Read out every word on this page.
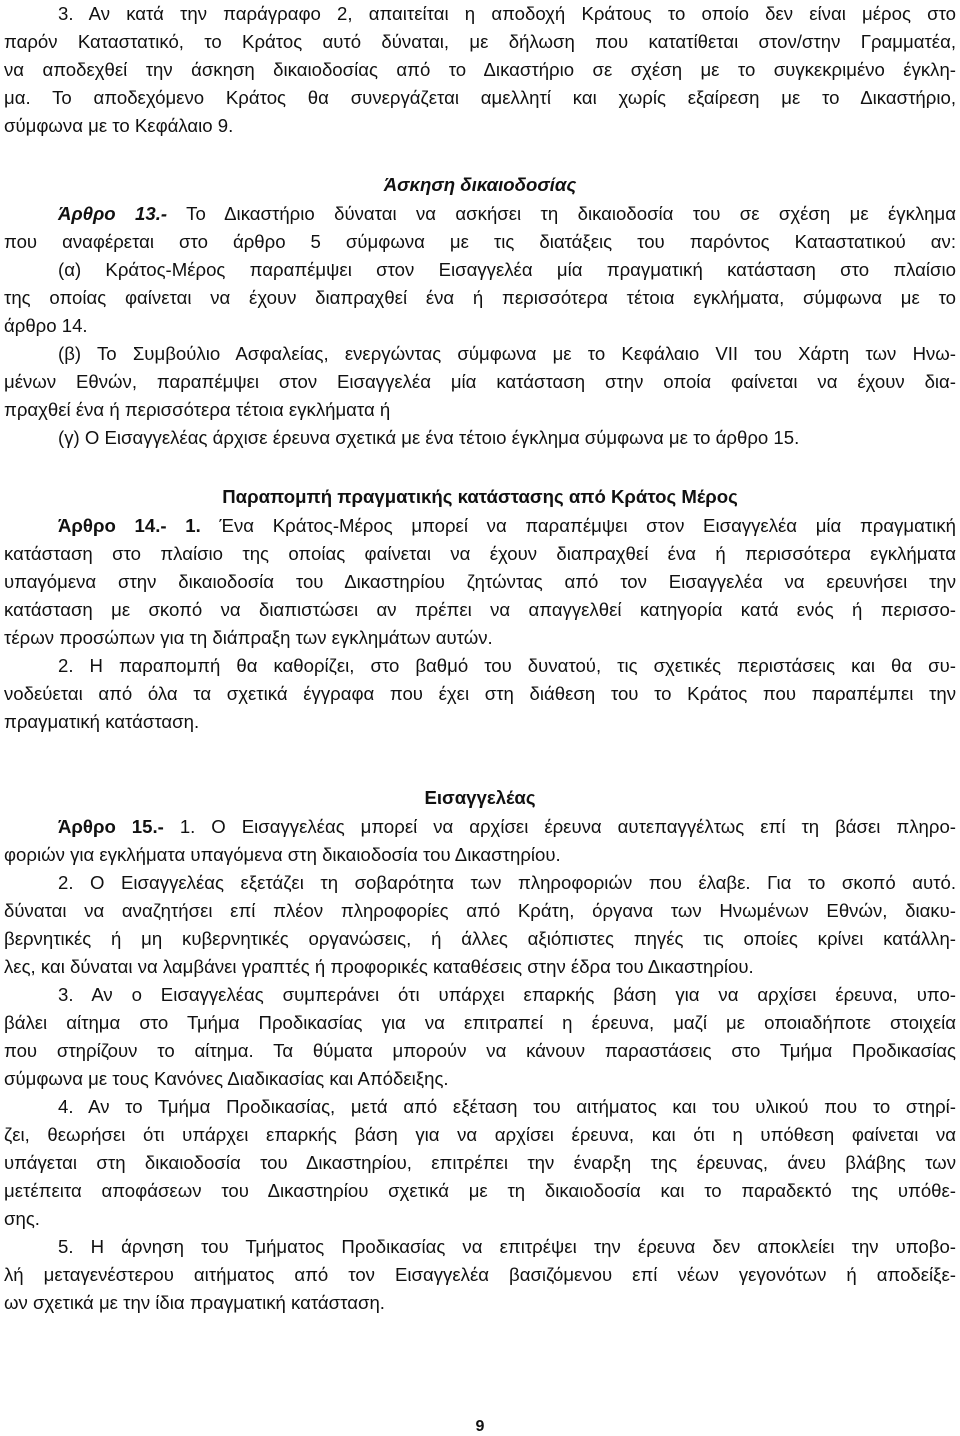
3. Αν κατά την παράγραφο 2, απαιτείται η αποδοχή Κράτους το οποίο δεν είναι μέρος στο
παρόν Καταστατικό, το Κράτος αυτό δύναται, με δήλωση που κατατίθεται στον/στην Γραμματέα,
να αποδεχθεί την άσκηση δικαιοδοσίας από το Δικαστήριο σε σχέση με το συγκεκριμένο έγκλη-
μα. Το αποδεχόμενο Κράτος θα συνεργάζεται αμελλητί και χωρίς εξαίρεση με το Δικαστήριο,
σύμφωνα με το Κεφάλαιο 9.
Άσκηση δικαιοδοσίας
Άρθρο 13.- Το Δικαστήριο δύναται να ασκήσει τη δικαιοδοσία του σε σχέση με έγκλημα
που αναφέρεται στο άρθρο 5 σύμφωνα με τις διατάξεις του παρόντος Καταστατικού αν:
(α) Κράτος-Μέρος παραπέμψει στον Εισαγγελέα μία πραγματική κατάσταση στο πλαίσιο
της οποίας φαίνεται να έχουν διαπραχθεί ένα ή περισσότερα τέτοια εγκλήματα, σύμφωνα με το
άρθρο 14.
(β) Το Συμβούλιο Ασφαλείας, ενεργώντας σύμφωνα με το Κεφάλαιο VII του Χάρτη των Ηνω-
μένων Εθνών, παραπέμψει στον Εισαγγελέα μία κατάσταση στην οποία φαίνεται να έχουν δια-
πραχθεί ένα ή περισσότερα τέτοια εγκλήματα ή
(γ) Ο Εισαγγελέας άρχισε έρευνα σχετικά με ένα τέτοιο έγκλημα σύμφωνα με το άρθρο 15.
Παραπομπή πραγματικής κατάστασης από Κράτος Μέρος
Άρθρο 14.- 1. Ένα Κράτος-Μέρος μπορεί να παραπέμψει στον Εισαγγελέα μία πραγματική
κατάσταση στο πλαίσιο της οποίας φαίνεται να έχουν διαπραχθεί ένα ή περισσότερα εγκλήματα
υπαγόμενα στην δικαιοδοσία του Δικαστηρίου ζητώντας από τον Εισαγγελέα να ερευνήσει την
κατάσταση με σκοπό να διαπιστώσει αν πρέπει να απαγγελθεί κατηγορία κατά ενός ή περισσο-
τέρων προσώπων για τη διάπραξη των εγκλημάτων αυτών.
2. Η παραπομπή θα καθορίζει, στο βαθμό του δυνατού, τις σχετικές περιστάσεις και θα συ-
νοδεύεται από όλα τα σχετικά έγγραφα που έχει στη διάθεση του το Κράτος που παραπέμπει την
πραγματική κατάσταση.
Εισαγγελέας
Άρθρο 15.- 1. Ο Εισαγγελέας μπορεί να αρχίσει έρευνα αυτεπαγγέλτως επί τη βάσει πληρο-
φοριών για εγκλήματα υπαγόμενα στη δικαιοδοσία του Δικαστηρίου.
2. Ο Εισαγγελέας εξετάζει τη σοβαρότητα των πληροφοριών που έλαβε. Για το σκοπό αυτό.
δύναται να αναζητήσει επί πλέον πληροφορίες από Κράτη, όργανα των Ηνωμένων Εθνών, διακυ-
βερνητικές ή μη κυβερνητικές οργανώσεις, ή άλλες αξιόπιστες πηγές τις οποίες κρίνει κατάλλη-
λες, και δύναται να λαμβάνει γραπτές ή προφορικές καταθέσεις στην έδρα του Δικαστηρίου.
3. Αν ο Εισαγγελέας συμπεράνει ότι υπάρχει επαρκής βάση για να αρχίσει έρευνα, υπο-
βάλει αίτημα στο Τμήμα Προδικασίας για να επιτραπεί η έρευνα, μαζί με οποιαδήποτε στοιχεία
που στηρίζουν το αίτημα. Τα θύματα μπορούν να κάνουν παραστάσεις στο Τμήμα Προδικασίας
σύμφωνα με τους Κανόνες Διαδικασίας και Απόδειξης.
4. Αν το Τμήμα Προδικασίας, μετά από εξέταση του αιτήματος και του υλικού που το στηρί-
ζει, θεωρήσει ότι υπάρχει επαρκής βάση για να αρχίσει έρευνα, και ότι η υπόθεση φαίνεται να
υπάγεται στη δικαιοδοσία του Δικαστηρίου, επιτρέπει την έναρξη της έρευνας, άνευ βλάβης των
μετέπειτα αποφάσεων του Δικαστηρίου σχετικά με τη δικαιοδοσία και το παραδεκτό της υπόθε-
σης.
5. Η άρνηση του Τμήματος Προδικασίας να επιτρέψει την έρευνα δεν αποκλείει την υποβο-
λή μεταγενέστερου αιτήματος από τον Εισαγγελέα βασιζόμενου επί νέων γεγονότων ή αποδείξε-
ων σχετικά με την ίδια πραγματική κατάσταση.
9
